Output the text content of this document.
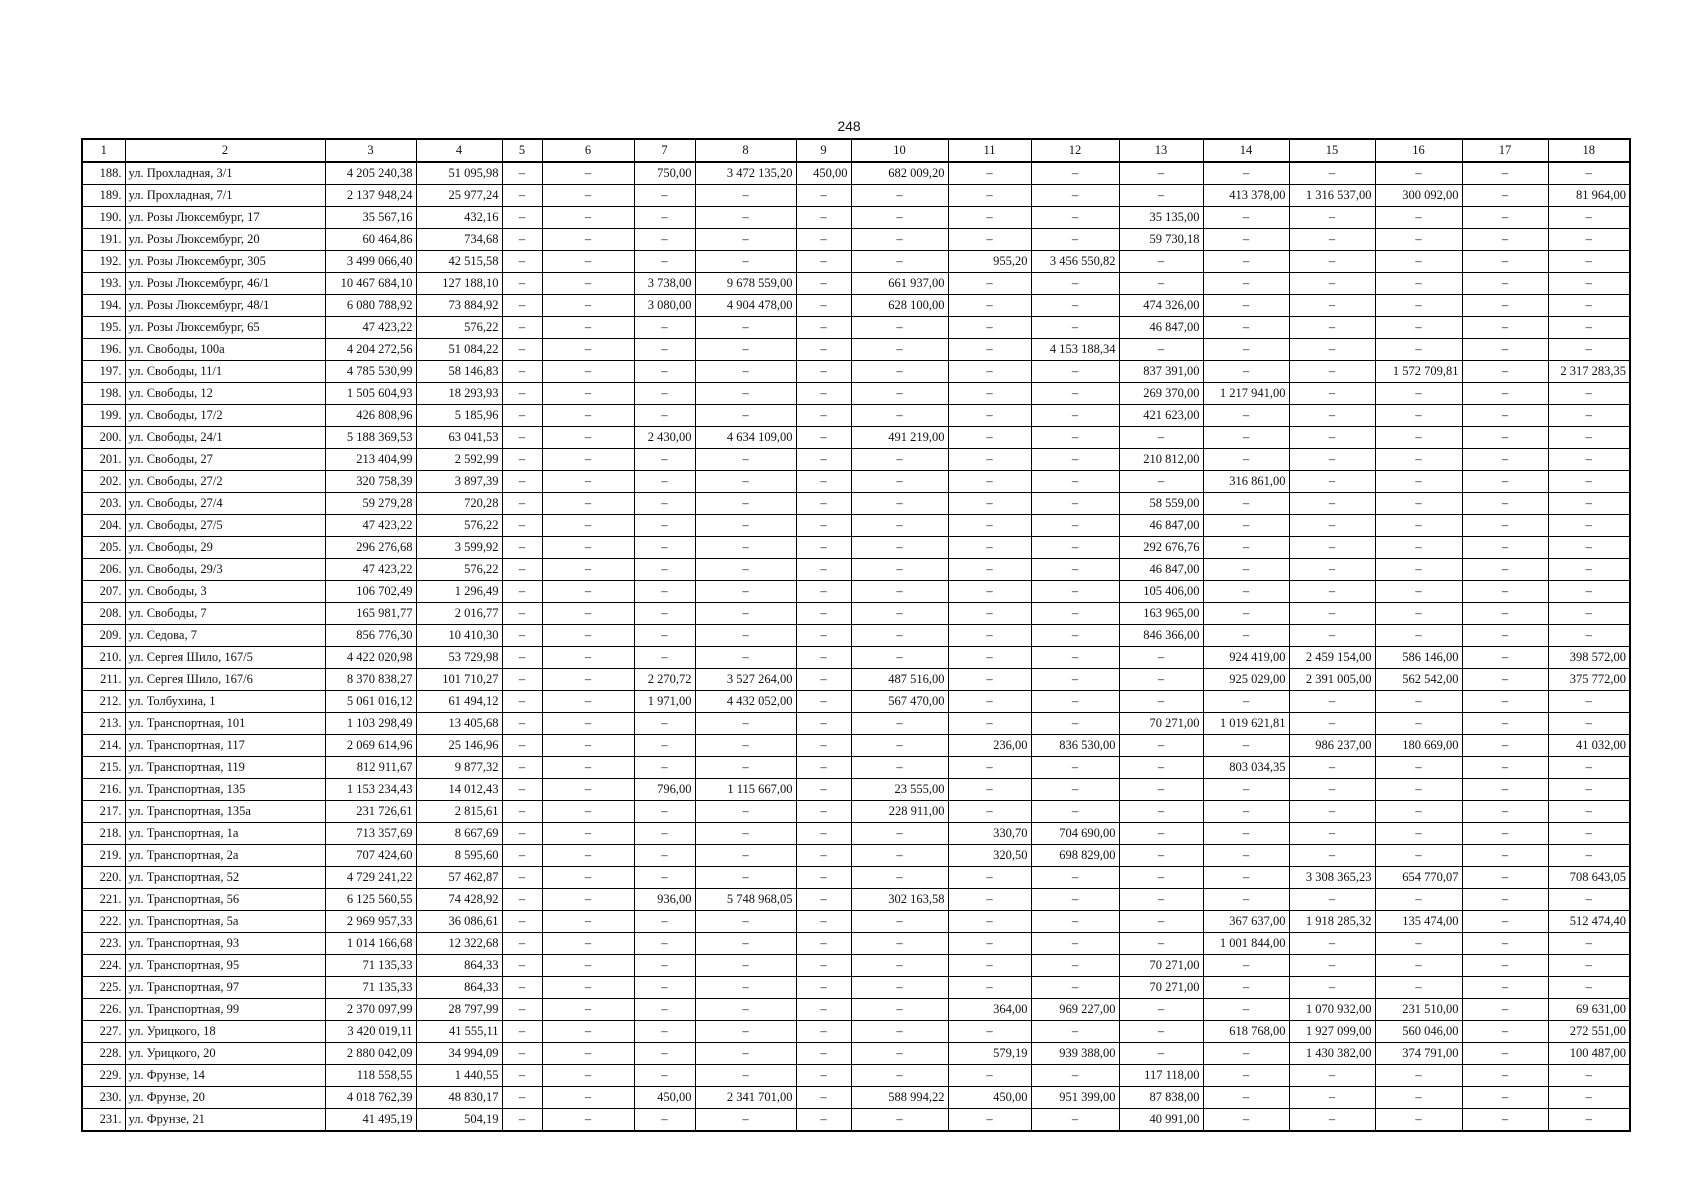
248
1	2	3	4	5	6	7	8	9	10	11	12	13	14	15	16	17	18
188.	ул. Прохладная, 3/1	4 205 240,38	51 095,98	–	–	750,00	3 472 135,20	450,00	682 009,20	–	–	–	–	–	–	–	–
189.	ул. Прохладная, 7/1	2 137 948,24	25 977,24	–	–	–	–	–	–	–	–	–	413 378,00	1 316 537,00	300 092,00	–	81 964,00
190.	ул. Розы Люксембург, 17	35 567,16	432,16	–	–	–	–	–	–	–	–	35 135,00	–	–	–	–	–
191.	ул. Розы Люксембург, 20	60 464,86	734,68	–	–	–	–	–	–	–	–	59 730,18	–	–	–	–	–
192.	ул. Розы Люксембург, 305	3 499 066,40	42 515,58	–	–	–	–	–	–	955,20	3 456 550,82	–	–	–	–	–	–
193.	ул. Розы Люксембург, 46/1	10 467 684,10	127 188,10	–	–	3 738,00	9 678 559,00	–	661 937,00	–	–	–	–	–	–	–	–
194.	ул. Розы Люксембург, 48/1	6 080 788,92	73 884,92	–	–	3 080,00	4 904 478,00	–	628 100,00	–	–	474 326,00	–	–	–	–	–
195.	ул. Розы Люксембург, 65	47 423,22	576,22	–	–	–	–	–	–	–	–	46 847,00	–	–	–	–	–
196.	ул. Свободы, 100а	4 204 272,56	51 084,22	–	–	–	–	–	–	–	4 153 188,34	–	–	–	–	–	–
197.	ул. Свободы, 11/1	4 785 530,99	58 146,83	–	–	–	–	–	–	–	–	837 391,00	–	–	1 572 709,81	–	2 317 283,35
198.	ул. Свободы, 12	1 505 604,93	18 293,93	–	–	–	–	–	–	–	–	269 370,00	1 217 941,00	–	–	–	–
199.	ул. Свободы, 17/2	426 808,96	5 185,96	–	–	–	–	–	–	–	–	421 623,00	–	–	–	–	–
200.	ул. Свободы, 24/1	5 188 369,53	63 041,53	–	–	2 430,00	4 634 109,00	–	491 219,00	–	–	–	–	–	–	–	–
201.	ул. Свободы, 27	213 404,99	2 592,99	–	–	–	–	–	–	–	–	210 812,00	–	–	–	–	–
202.	ул. Свободы, 27/2	320 758,39	3 897,39	–	–	–	–	–	–	–	–	–	316 861,00	–	–	–	–
203.	ул. Свободы, 27/4	59 279,28	720,28	–	–	–	–	–	–	–	–	58 559,00	–	–	–	–	–
204.	ул. Свободы, 27/5	47 423,22	576,22	–	–	–	–	–	–	–	–	46 847,00	–	–	–	–	–
205.	ул. Свободы, 29	296 276,68	3 599,92	–	–	–	–	–	–	–	–	292 676,76	–	–	–	–	–
206.	ул. Свободы, 29/3	47 423,22	576,22	–	–	–	–	–	–	–	–	46 847,00	–	–	–	–	–
207.	ул. Свободы, 3	106 702,49	1 296,49	–	–	–	–	–	–	–	–	105 406,00	–	–	–	–	–
208.	ул. Свободы, 7	165 981,77	2 016,77	–	–	–	–	–	–	–	–	163 965,00	–	–	–	–	–
209.	ул. Седова, 7	856 776,30	10 410,30	–	–	–	–	–	–	–	–	846 366,00	–	–	–	–	–
210.	ул. Сергея Шило, 167/5	4 422 020,98	53 729,98	–	–	–	–	–	–	–	–	–	924 419,00	2 459 154,00	586 146,00	–	398 572,00
211.	ул. Сергея Шило, 167/6	8 370 838,27	101 710,27	–	–	2 270,72	3 527 264,00	–	487 516,00	–	–	–	925 029,00	2 391 005,00	562 542,00	–	375 772,00
212.	ул. Толбухина, 1	5 061 016,12	61 494,12	–	–	1 971,00	4 432 052,00	–	567 470,00	–	–	–	–	–	–	–	–
213.	ул. Транспортная, 101	1 103 298,49	13 405,68	–	–	–	–	–	–	–	–	70 271,00	1 019 621,81	–	–	–	–
214.	ул. Транспортная, 117	2 069 614,96	25 146,96	–	–	–	–	–	–	236,00	836 530,00	–	–	986 237,00	180 669,00	–	41 032,00
215.	ул. Транспортная, 119	812 911,67	9 877,32	–	–	–	–	–	–	–	–	–	803 034,35	–	–	–	–
216.	ул. Транспортная, 135	1 153 234,43	14 012,43	–	–	796,00	1 115 667,00	–	23 555,00	–	–	–	–	–	–	–	–
217.	ул. Транспортная, 135а	231 726,61	2 815,61	–	–	–	–	–	228 911,00	–	–	–	–	–	–	–	–
218.	ул. Транспортная, 1а	713 357,69	8 667,69	–	–	–	–	–	–	330,70	704 690,00	–	–	–	–	–	–
219.	ул. Транспортная, 2а	707 424,60	8 595,60	–	–	–	–	–	–	320,50	698 829,00	–	–	–	–	–	–
220.	ул. Транспортная, 52	4 729 241,22	57 462,87	–	–	–	–	–	–	–	–	–	–	3 308 365,23	654 770,07	–	708 643,05
221.	ул. Транспортная, 56	6 125 560,55	74 428,92	–	–	936,00	5 748 968,05	–	302 163,58	–	–	–	–	–	–	–	–
222.	ул. Транспортная, 5а	2 969 957,33	36 086,61	–	–	–	–	–	–	–	–	–	367 637,00	1 918 285,32	135 474,00	–	512 474,40
223.	ул. Транспортная, 93	1 014 166,68	12 322,68	–	–	–	–	–	–	–	–	–	1 001 844,00	–	–	–	–
224.	ул. Транспортная, 95	71 135,33	864,33	–	–	–	–	–	–	–	–	70 271,00	–	–	–	–	–
225.	ул. Транспортная, 97	71 135,33	864,33	–	–	–	–	–	–	–	–	70 271,00	–	–	–	–	–
226.	ул. Транспортная, 99	2 370 097,99	28 797,99	–	–	–	–	–	–	364,00	969 227,00	–	–	1 070 932,00	231 510,00	–	69 631,00
227.	ул. Урицкого, 18	3 420 019,11	41 555,11	–	–	–	–	–	–	–	–	–	618 768,00	1 927 099,00	560 046,00	–	272 551,00
228.	ул. Урицкого, 20	2 880 042,09	34 994,09	–	–	–	–	–	–	579,19	939 388,00	–	–	1 430 382,00	374 791,00	–	100 487,00
229.	ул. Фрунзе, 14	118 558,55	1 440,55	–	–	–	–	–	–	–	–	117 118,00	–	–	–	–	–
230.	ул. Фрунзе, 20	4 018 762,39	48 830,17	–	–	450,00	2 341 701,00	–	588 994,22	450,00	951 399,00	87 838,00	–	–	–	–	–
231.	ул. Фрунзе, 21	41 495,19	504,19	–	–	–	–	–	–	–	–	40 991,00	–	–	–	–	–
